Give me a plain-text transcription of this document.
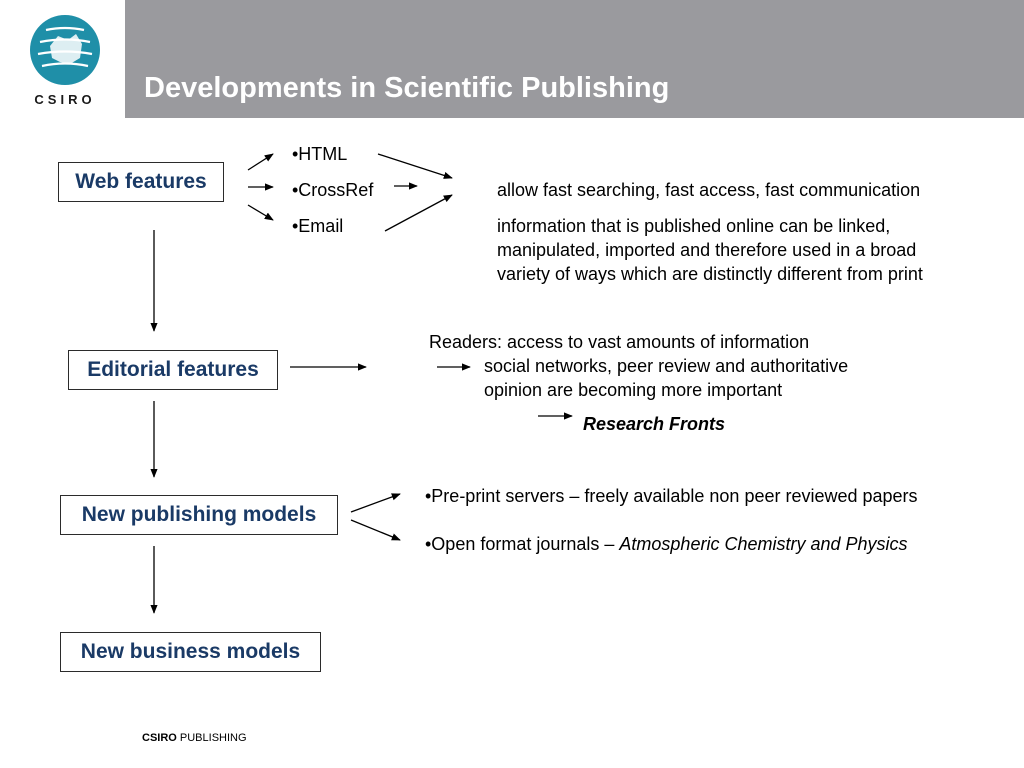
Developments in Scientific Publishing
CSIRO
Web features
Editorial features
New publishing models
New business models
•HTML
•CrossRef
•Email
allow fast searching, fast access, fast communication
information that is published online can be linked,
manipulated, imported and therefore used in a broad
variety of ways which are distinctly different from print
Readers: access to vast amounts of information
social networks, peer review and authoritative
opinion are becoming more important
Research Fronts
•Pre-print servers – freely available non peer reviewed papers
•Open format journals – Atmospheric Chemistry and Physics
CSIRO PUBLISHING
